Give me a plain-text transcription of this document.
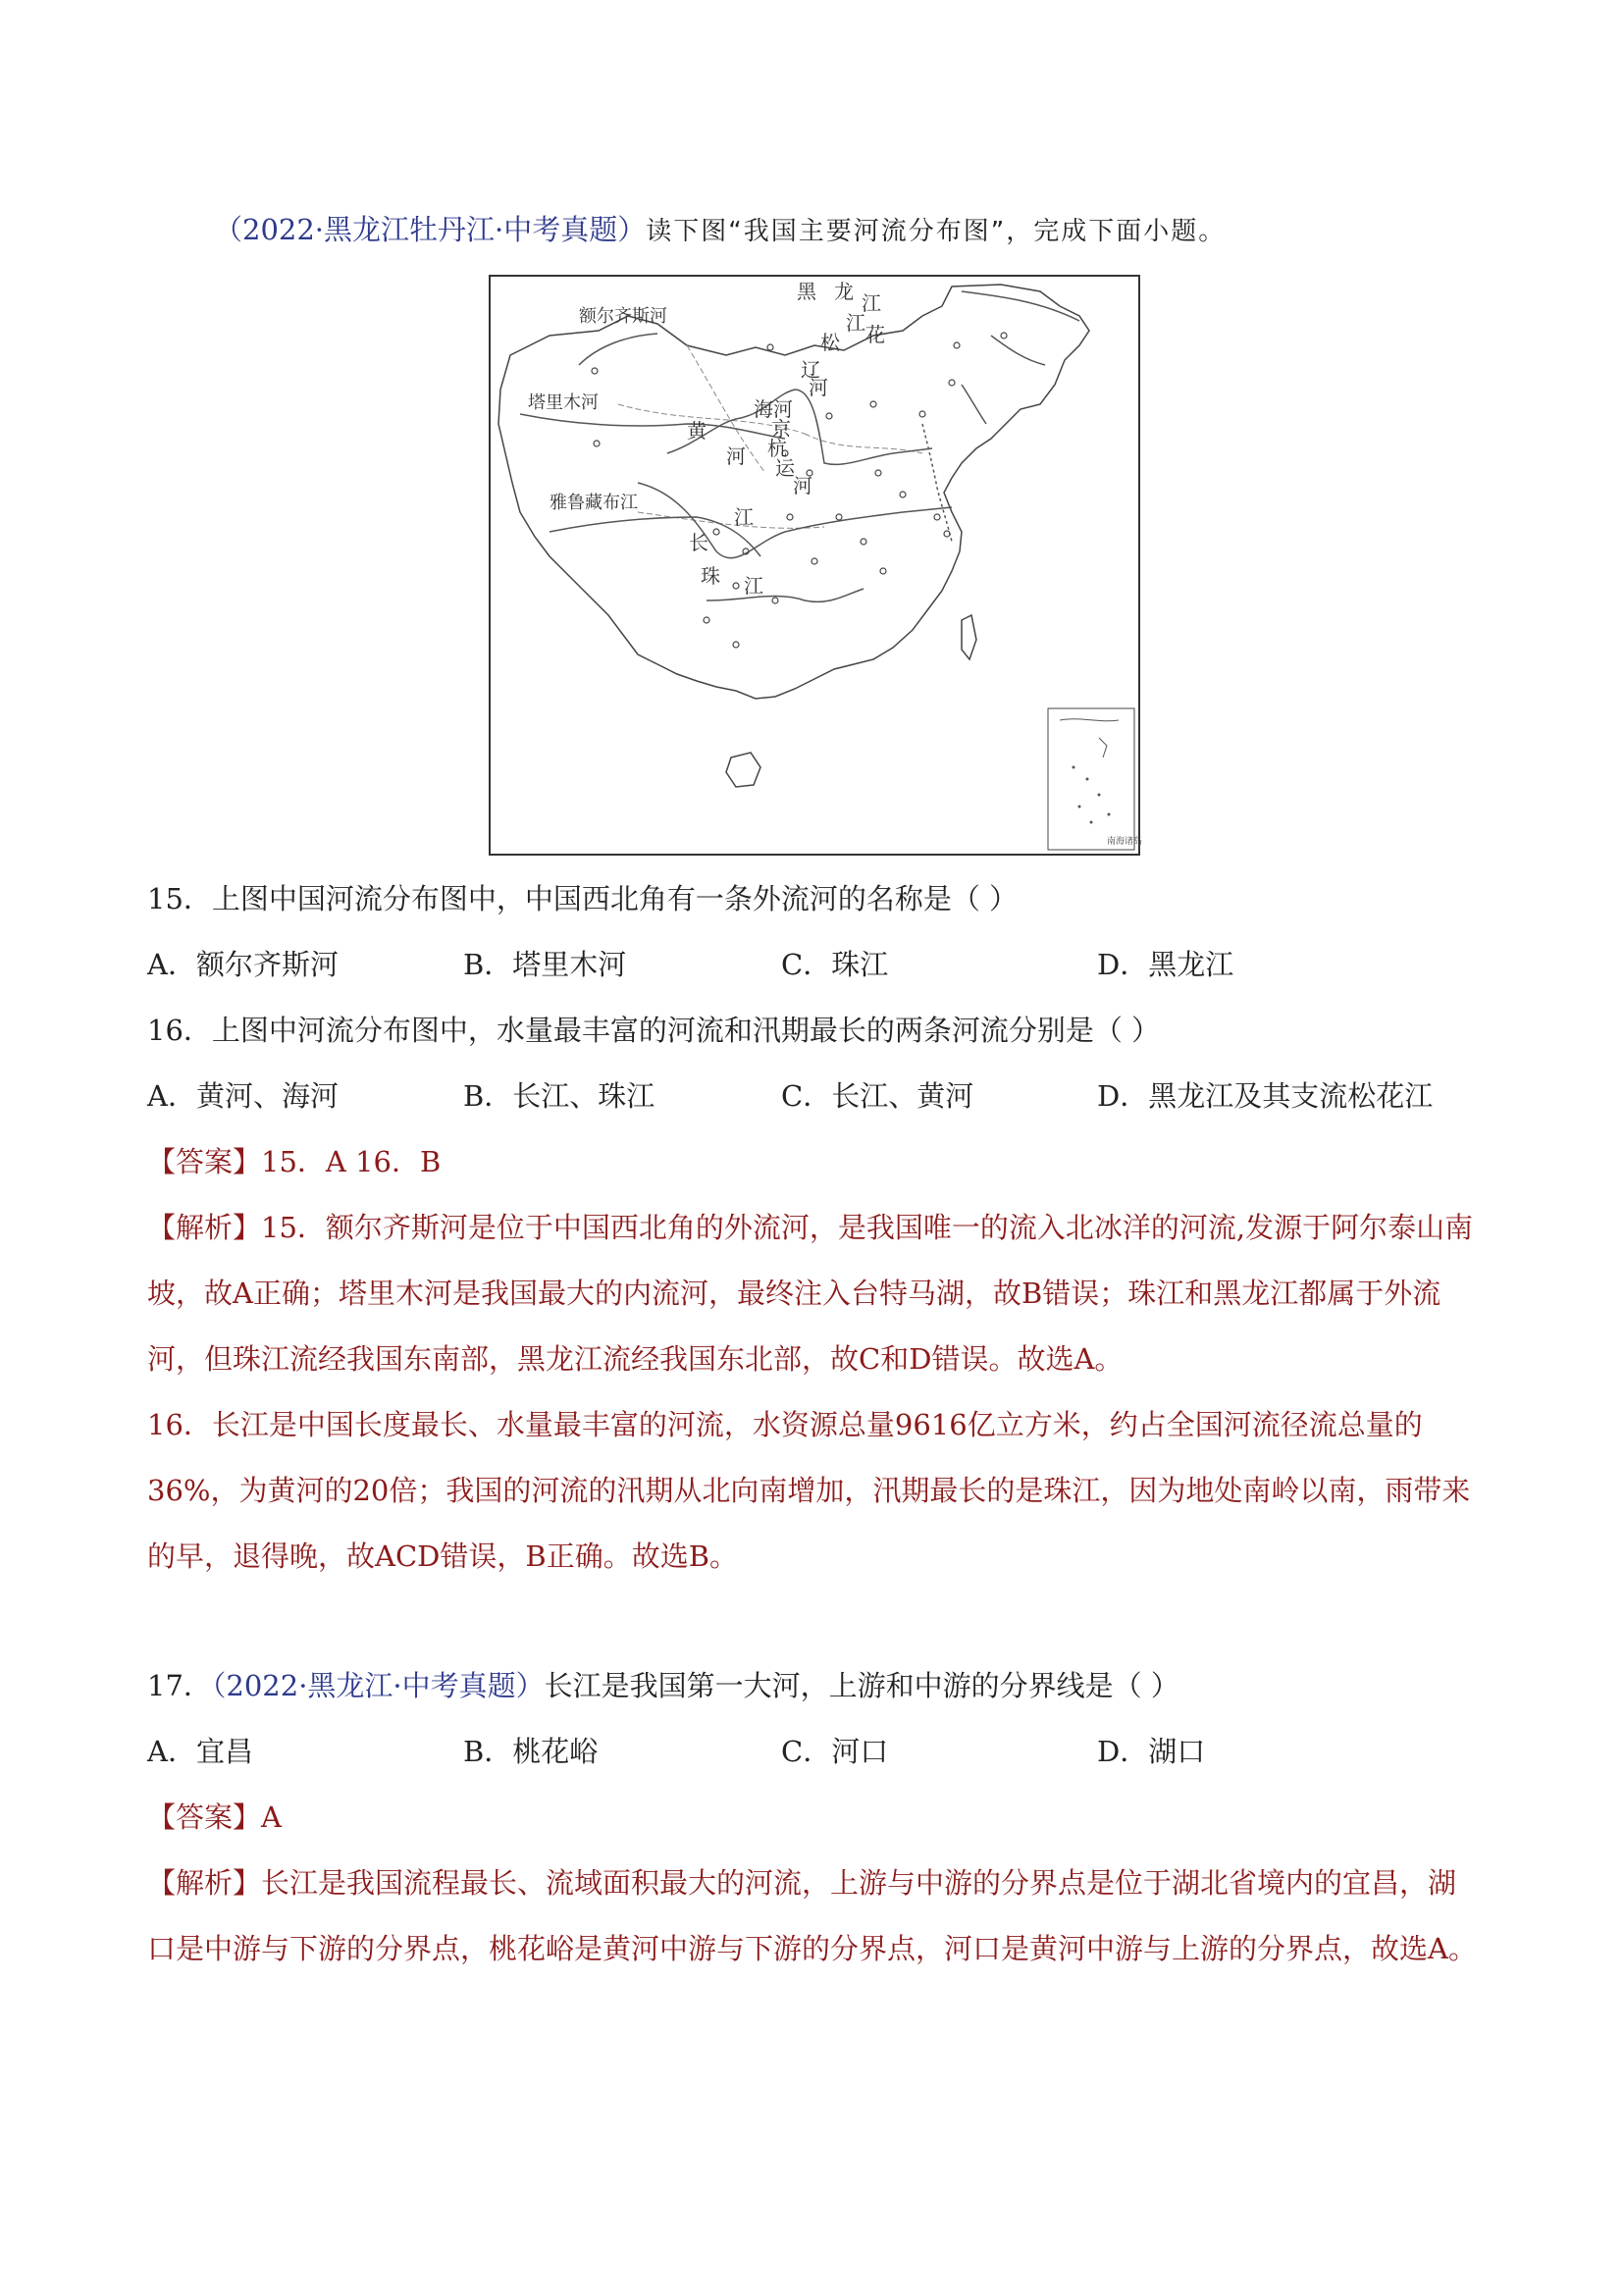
（2022·黑龙江牡丹江·中考真题）读下图“我国主要河流分布图”，完成下面小题。
额尔齐斯河
塔里木河
雅鲁藏布江
黑 龙 江
江 花
松
辽
河
海河
京
杭
运
河
黄
河
江
长
珠 江
南海诸岛
15．上图中国河流分布图中，中国西北角有一条外流河的名称是（ ）
A．额尔齐斯河	B．塔里木河	C．珠江	D．黑龙江
16．上图中河流分布图中，水量最丰富的河流和汛期最长的两条河流分别是（ ）
A．黄河、海河	B．长江、珠江	C．长江、黄河	D．黑龙江及其支流松花江
【答案】15．A 16．B
【解析】15．额尔齐斯河是位于中国西北角的外流河，是我国唯一的流入北冰洋的河流,发源于阿尔泰山南
坡，故A正确；塔里木河是我国最大的内流河，最终注入台特马湖，故B错误；珠江和黑龙江都属于外流
河，但珠江流经我国东南部，黑龙江流经我国东北部，故C和D错误。故选A。
16．长江是中国长度最长、水量最丰富的河流，水资源总量9616亿立方米，约占全国河流径流总量的
36%，为黄河的20倍；我国的河流的汛期从北向南增加，汛期最长的是珠江，因为地处南岭以南，雨带来
的早，退得晚，故ACD错误，B正确。故选B。
17．（2022·黑龙江·中考真题）长江是我国第一大河，上游和中游的分界线是（ ）
A．宜昌	B．桃花峪	C．河口	D．湖口
【答案】A
【解析】长江是我国流程最长、流域面积最大的河流，上游与中游的分界点是位于湖北省境内的宜昌，湖
口是中游与下游的分界点，桃花峪是黄河中游与下游的分界点，河口是黄河中游与上游的分界点，故选A。
